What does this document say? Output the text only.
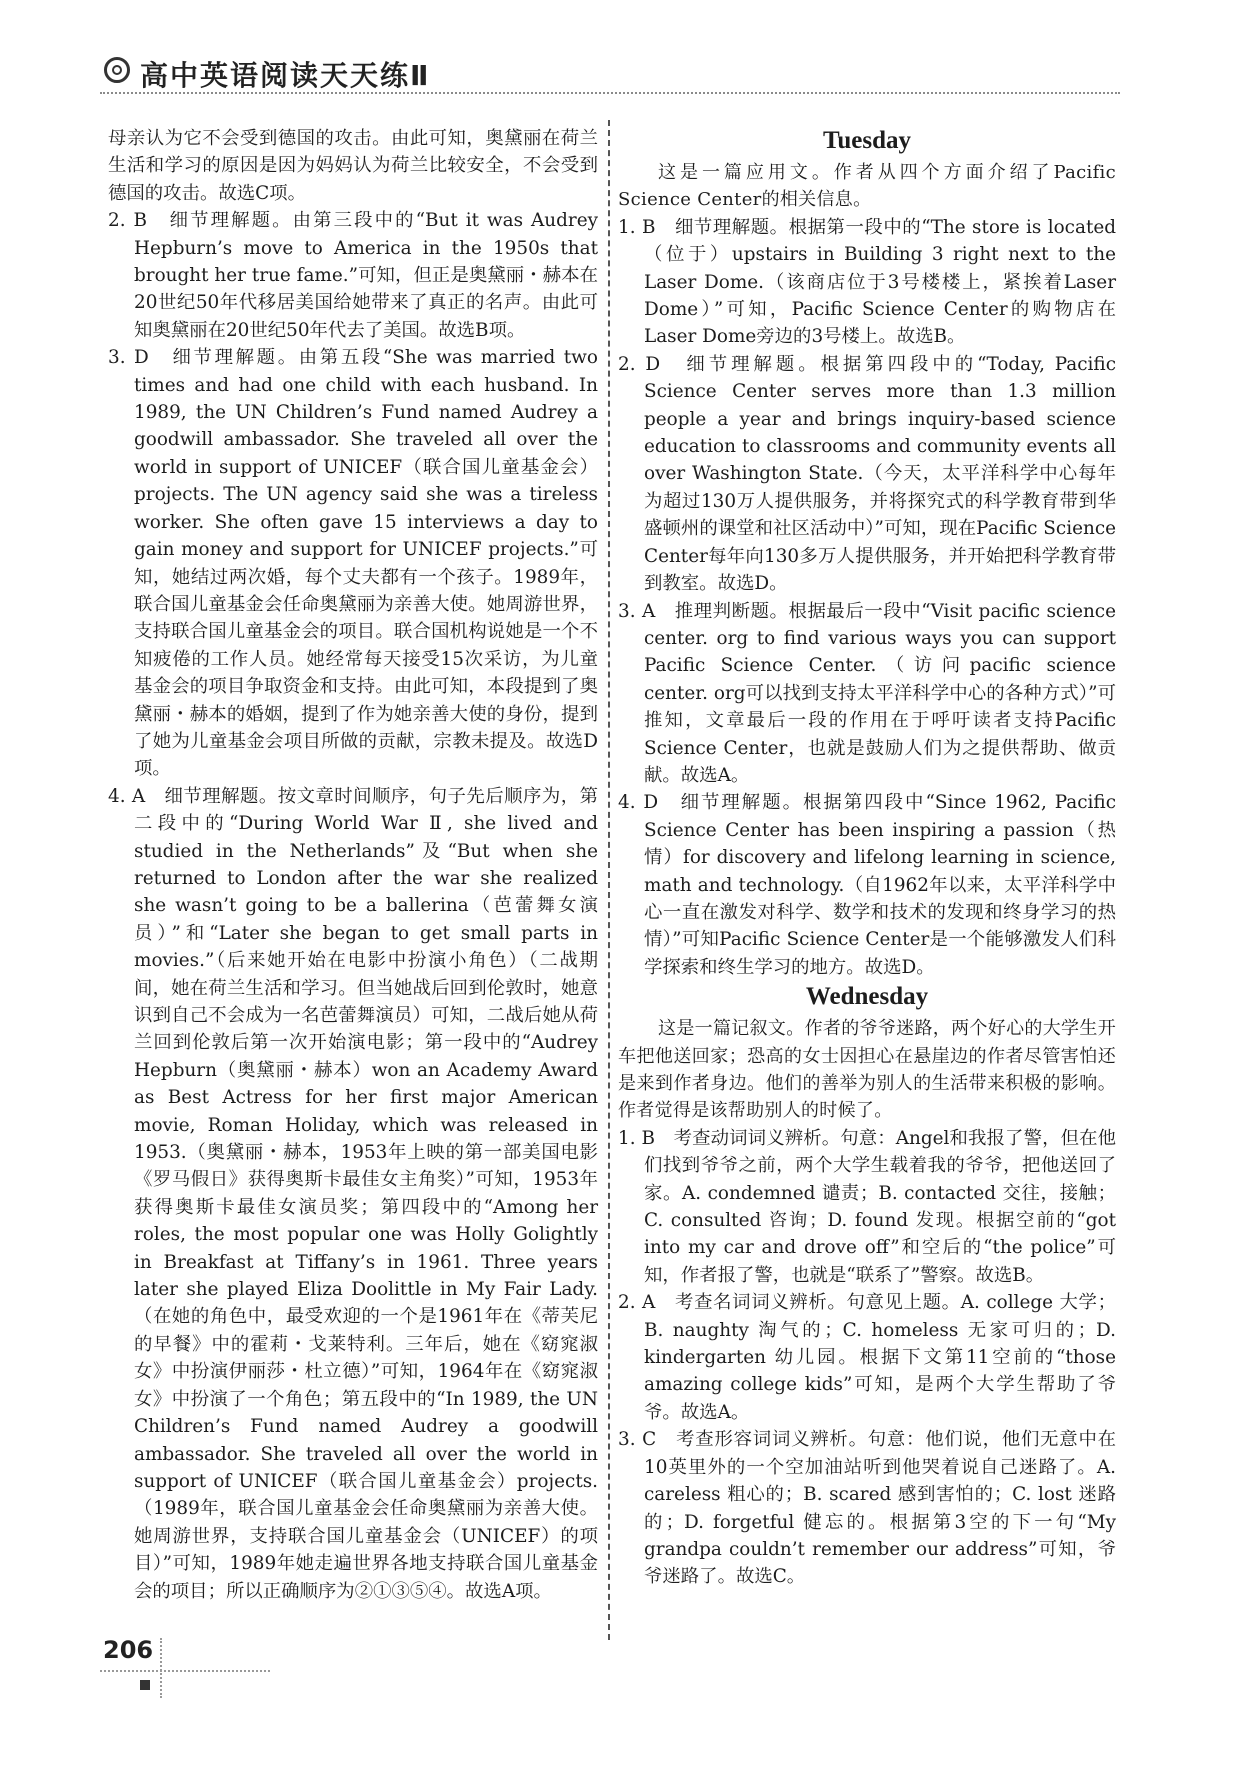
高中英语阅读天天练Ⅱ

母亲认为它不会受到德国的攻击。由此可知，奥黛丽在荷兰生活和学习的原因是因为妈妈认为荷兰比较安全，不会受到德国的攻击。故选C项。

2. B　细节理解题。由第三段中的“But it was Audrey Hepburn’s move to America in the 1950s that brought her true fame.”可知，但正是奥黛丽・赫本在20世纪50年代移居美国给她带来了真正的名声。由此可知奥黛丽在20世纪50年代去了美国。故选B项。

3. D　细节理解题。由第五段“She was married two times and had one child with each husband. In 1989, the UN Children’s Fund named Audrey a goodwill ambassador. She traveled all over the world in support of UNICEF（联合国儿童基金会）projects. The UN agency said she was a tireless worker. She often gave 15 interviews a day to gain money and support for UNICEF projects.”可知，她结过两次婚，每个丈夫都有一个孩子。1989年，联合国儿童基金会任命奥黛丽为亲善大使。她周游世界，支持联合国儿童基金会的项目。联合国机构说她是一个不知疲倦的工作人员。她经常每天接受15次采访，为儿童基金会的项目争取资金和支持。由此可知，本段提到了奥黛丽・赫本的婚姻，提到了作为她亲善大使的身份，提到了她为儿童基金会项目所做的贡献，宗教未提及。故选D项。

4. A　细节理解题。按文章时间顺序，句子先后顺序为，第二段中的“During World War Ⅱ, she lived and studied in the Netherlands”及“But when she returned to London after the war she realized she wasn’t going to be a ballerina（芭蕾舞女演员）”和“Later she began to get small parts in movies.”（后来她开始在电影中扮演小角色）（二战期间，她在荷兰生活和学习。但当她战后回到伦敦时，她意识到自己不会成为一名芭蕾舞演员）可知，二战后她从荷兰回到伦敦后第一次开始演电影；第一段中的“Audrey Hepburn（奥黛丽・赫本）won an Academy Award as Best Actress for her first major American movie, Roman Holiday, which was released in 1953.（奥黛丽・赫本，1953年上映的第一部美国电影《罗马假日》获得奥斯卡最佳女主角奖）”可知，1953年获得奥斯卡最佳女演员奖；第四段中的“Among her roles, the most popular one was Holly Golightly in Breakfast at Tiffany’s in 1961. Three years later she played Eliza Doolittle in My Fair Lady.（在她的角色中，最受欢迎的一个是1961年在《蒂芙尼的早餐》中的霍莉・戈莱特利。三年后，她在《窈窕淑女》中扮演伊丽莎・杜立德）”可知，1964年在《窈窕淑女》中扮演了一个角色；第五段中的“In 1989, the UN Children’s Fund named Audrey a goodwill ambassador. She traveled all over the world in support of UNICEF（联合国儿童基金会）projects.（1989年，联合国儿童基金会任命奥黛丽为亲善大使。她周游世界，支持联合国儿童基金会（UNICEF）的项目）”可知，1989年她走遍世界各地支持联合国儿童基金会的项目；所以正确顺序为②①③⑤④。故选A项。

Tuesday

这是一篇应用文。作者从四个方面介绍了Pacific Science Center的相关信息。

1. B　细节理解题。根据第一段中的“The store is located（位于）upstairs in Building 3 right next to the Laser Dome.（该商店位于3号楼楼上，紧挨着Laser Dome）”可知，Pacific Science Center的购物店在Laser Dome旁边的3号楼上。故选B。

2. D　细节理解题。根据第四段中的“Today, Pacific Science Center serves more than 1.3 million people a year and brings inquiry-based science education to classrooms and community events all over Washington State.（今天，太平洋科学中心每年为超过130万人提供服务，并将探究式的科学教育带到华盛顿州的课堂和社区活动中）”可知，现在Pacific Science Center每年向130多万人提供服务，并开始把科学教育带到教室。故选D。

3. A　推理判断题。根据最后一段中“Visit pacific science center. org to find various ways you can support Pacific Science Center.（访问pacific science center. org可以找到支持太平洋科学中心的各种方式）”可推知，文章最后一段的作用在于呼吁读者支持Pacific Science Center，也就是鼓励人们为之提供帮助、做贡献。故选A。

4. D　细节理解题。根据第四段中“Since 1962, Pacific Science Center has been inspiring a passion（热情）for discovery and lifelong learning in science, math and technology.（自1962年以来，太平洋科学中心一直在激发对科学、数学和技术的发现和终身学习的热情）”可知Pacific Science Center是一个能够激发人们科学探索和终生学习的地方。故选D。

Wednesday

这是一篇记叙文。作者的爷爷迷路，两个好心的大学生开车把他送回家；恐高的女士因担心在悬崖边的作者尽管害怕还是来到作者身边。他们的善举为别人的生活带来积极的影响。作者觉得是该帮助别人的时候了。

1. B　考查动词词义辨析。句意：Angel和我报了警，但在他们找到爷爷之前，两个大学生载着我的爷爷，把他送回了家。A. condemned 谴责；B. contacted 交往，接触；C. consulted 咨询；D. found 发现。根据空前的“got into my car and drove off”和空后的“the police”可知，作者报了警，也就是“联系了”警察。故选B。

2. A　考查名词词义辨析。句意见上题。A. college 大学；B. naughty 淘气的；C. homeless 无家可归的；D. kindergarten 幼儿园。根据下文第11空前的“those amazing college kids”可知，是两个大学生帮助了爷爷。故选A。

3. C　考查形容词词义辨析。句意：他们说，他们无意中在10英里外的一个空加油站听到他哭着说自己迷路了。A. careless 粗心的；B. scared 感到害怕的；C. lost 迷路的；D. forgetful 健忘的。根据第3空的下一句“My grandpa couldn’t remember our address”可知，爷爷迷路了。故选C。

206
